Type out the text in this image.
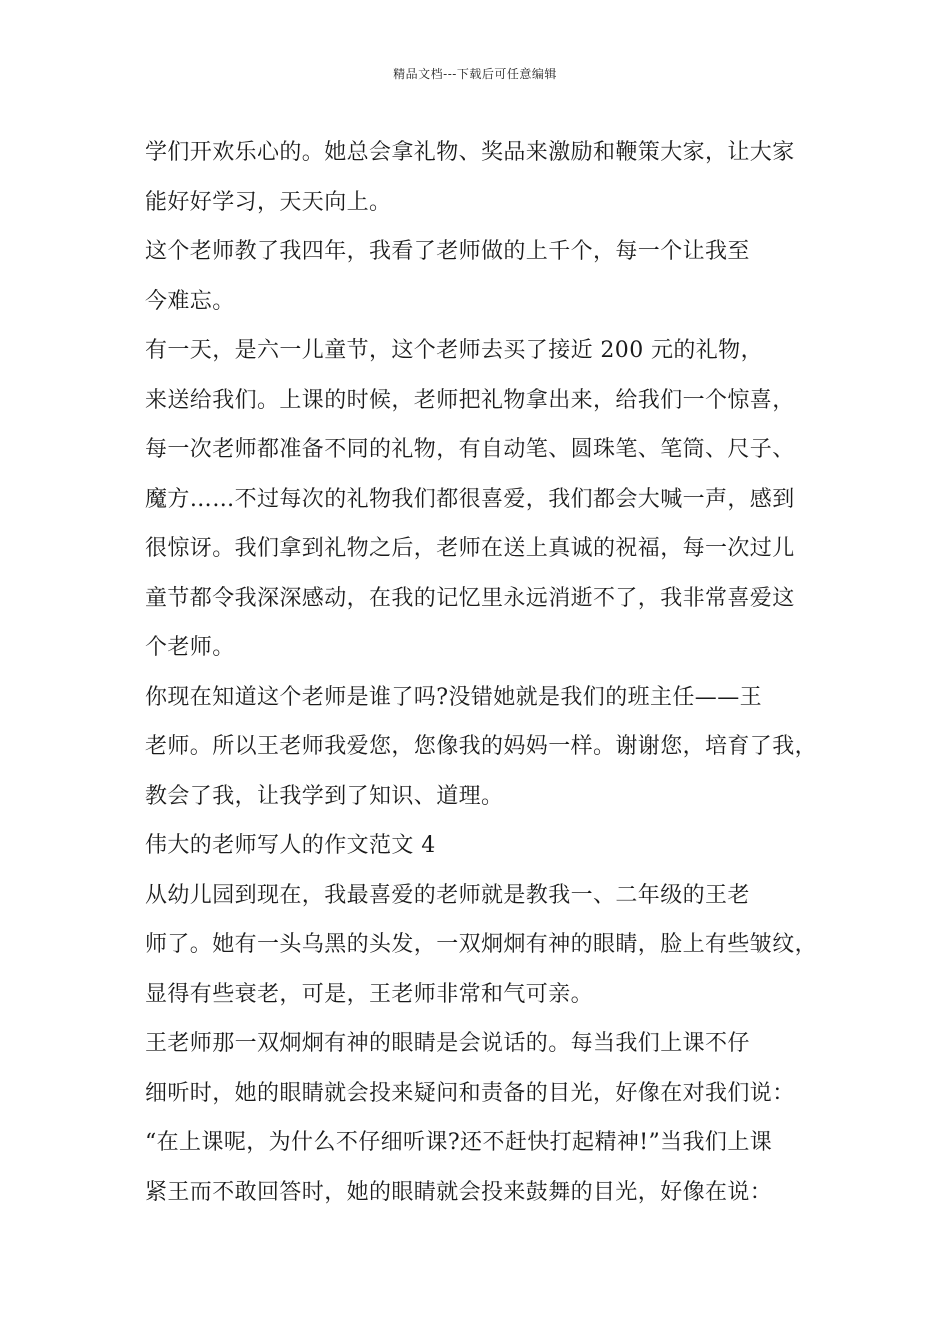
精品文档---下载后可任意编辑

学们开欢乐心的。她总会拿礼物、奖品来激励和鞭策大家，让大家

能好好学习，天天向上。

这个老师教了我四年，我看了老师做的上千个，每一个让我至

今难忘。

有一天，是六一儿童节，这个老师去买了接近 200 元的礼物，

来送给我们。上课的时候，老师把礼物拿出来，给我们一个惊喜，

每一次老师都准备不同的礼物，有自动笔、圆珠笔、笔筒、尺子、

魔方……不过每次的礼物我们都很喜爱，我们都会大喊一声，感到

很惊讶。我们拿到礼物之后，老师在送上真诚的祝福，每一次过儿

童节都令我深深感动，在我的记忆里永远消逝不了，我非常喜爱这

个老师。

你现在知道这个老师是谁了吗?没错她就是我们的班主任——王

老师。所以王老师我爱您，您像我的妈妈一样。谢谢您，培育了我，

教会了我，让我学到了知识、道理。

伟大的老师写人的作文范文 4

从幼儿园到现在，我最喜爱的老师就是教我一、二年级的王老

师了。她有一头乌黑的头发，一双炯炯有神的眼睛，脸上有些皱纹，

显得有些衰老，可是，王老师非常和气可亲。

王老师那一双炯炯有神的眼睛是会说话的。每当我们上课不仔

细听时，她的眼睛就会投来疑问和责备的目光，好像在对我们说：

“在上课呢，为什么不仔细听课?还不赶快打起精神!”当我们上课

紧王而不敢回答时，她的眼睛就会投来鼓舞的目光，好像在说：
